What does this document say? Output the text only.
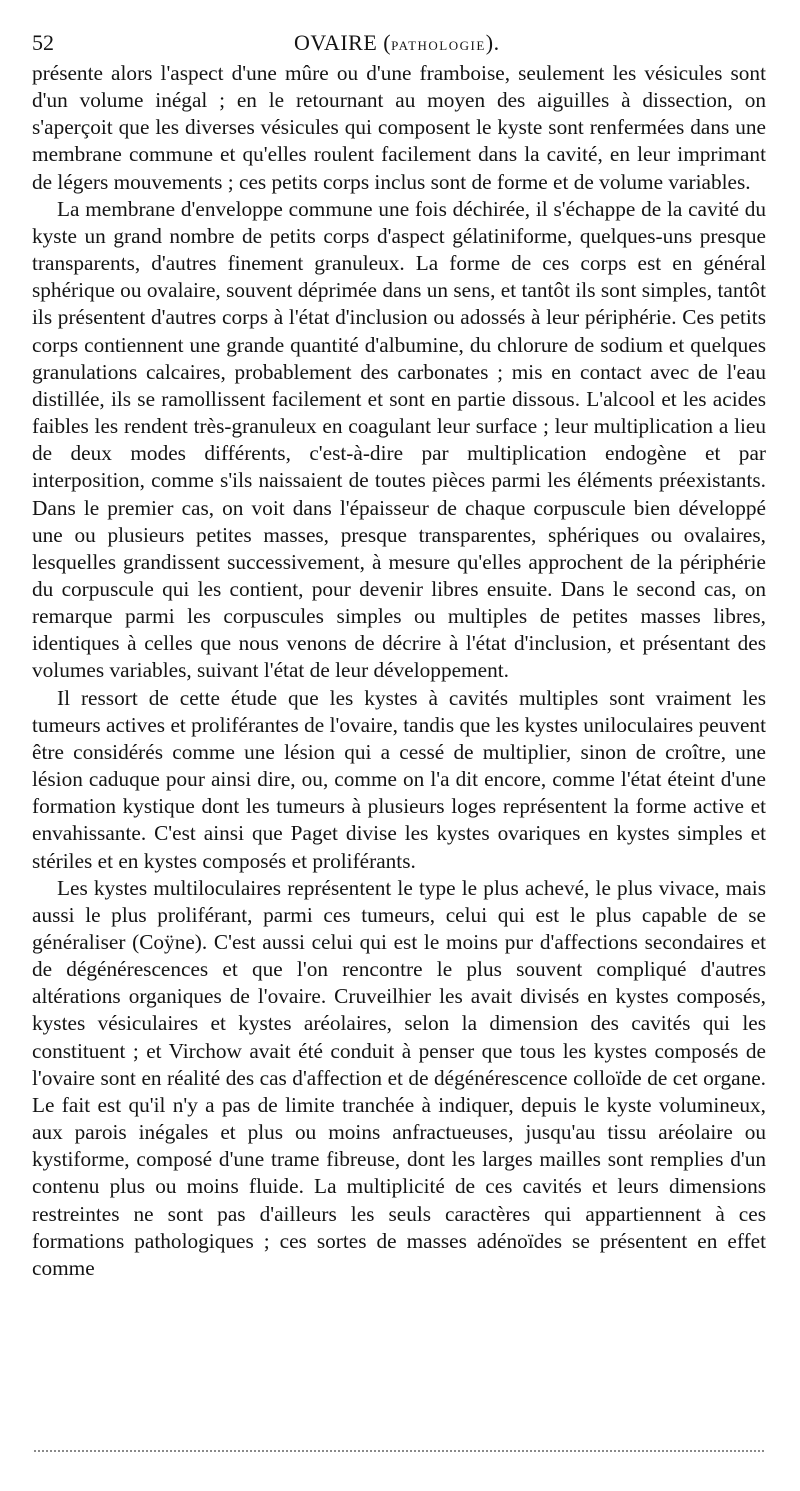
52	OVAIRE (PATHOLOGIE).

présente alors l'aspect d'une mûre ou d'une framboise, seulement les vésicules sont d'un volume inégal ; en le retournant au moyen des aiguilles à dissection, on s'aperçoit que les diverses vésicules qui composent le kyste sont renfermées dans une membrane commune et qu'elles roulent facilement dans la cavité, en leur imprimant de légers mouvements ; ces petits corps inclus sont de forme et de volume variables.

La membrane d'enveloppe commune une fois déchirée, il s'échappe de la cavité du kyste un grand nombre de petits corps d'aspect gélatiniforme, quelques-uns presque transparents, d'autres finement granuleux. La forme de ces corps est en général sphérique ou ovalaire, souvent déprimée dans un sens, et tantôt ils sont simples, tantôt ils présentent d'autres corps à l'état d'inclusion ou adossés à leur périphérie. Ces petits corps contiennent une grande quantité d'albumine, du chlorure de sodium et quelques granulations calcaires, probablement des carbonates ; mis en contact avec de l'eau distillée, ils se ramollissent facilement et sont en partie dissous. L'alcool et les acides faibles les rendent très-granuleux en coagulant leur surface ; leur multiplication a lieu de deux modes différents, c'est-à-dire par multiplication endogène et par interposition, comme s'ils naissaient de toutes pièces parmi les éléments préexistants. Dans le premier cas, on voit dans l'épaisseur de chaque corpuscule bien développé une ou plusieurs petites masses, presque transparentes, sphériques ou ovalaires, lesquelles grandissent successivement, à mesure qu'elles approchent de la périphérie du corpuscule qui les contient, pour devenir libres ensuite. Dans le second cas, on remarque parmi les corpuscules simples ou multiples de petites masses libres, identiques à celles que nous venons de décrire à l'état d'inclusion, et présentant des volumes variables, suivant l'état de leur développement.

Il ressort de cette étude que les kystes à cavités multiples sont vraiment les tumeurs actives et proliférantes de l'ovaire, tandis que les kystes uniloculaires peuvent être considérés comme une lésion qui a cessé de multiplier, sinon de croître, une lésion caduque pour ainsi dire, ou, comme on l'a dit encore, comme l'état éteint d'une formation kystique dont les tumeurs à plusieurs loges représentent la forme active et envahissante. C'est ainsi que Paget divise les kystes ovariques en kystes simples et stériles et en kystes composés et proliférants.

Les kystes multiloculaires représentent le type le plus achevé, le plus vivace, mais aussi le plus proliférant, parmi ces tumeurs, celui qui est le plus capable de se généraliser (Coÿne). C'est aussi celui qui est le moins pur d'affections secondaires et de dégénérescences et que l'on rencontre le plus souvent compliqué d'autres altérations organiques de l'ovaire. Cruveilhier les avait divisés en kystes composés, kystes vésiculaires et kystes aréolaires, selon la dimension des cavités qui les constituent ; et Virchow avait été conduit à penser que tous les kystes composés de l'ovaire sont en réalité des cas d'affection et de dégénérescence colloïde de cet organe. Le fait est qu'il n'y a pas de limite tranchée à indiquer, depuis le kyste volumineux, aux parois inégales et plus ou moins anfractueuses, jusqu'au tissu aréolaire ou kystiforme, composé d'une trame fibreuse, dont les larges mailles sont remplies d'un contenu plus ou moins fluide. La multiplicité de ces cavités et leurs dimensions restreintes ne sont pas d'ailleurs les seuls caractères qui appartiennent à ces formations pathologiques ; ces sortes de masses adénoïdes se présentent en effet comme
